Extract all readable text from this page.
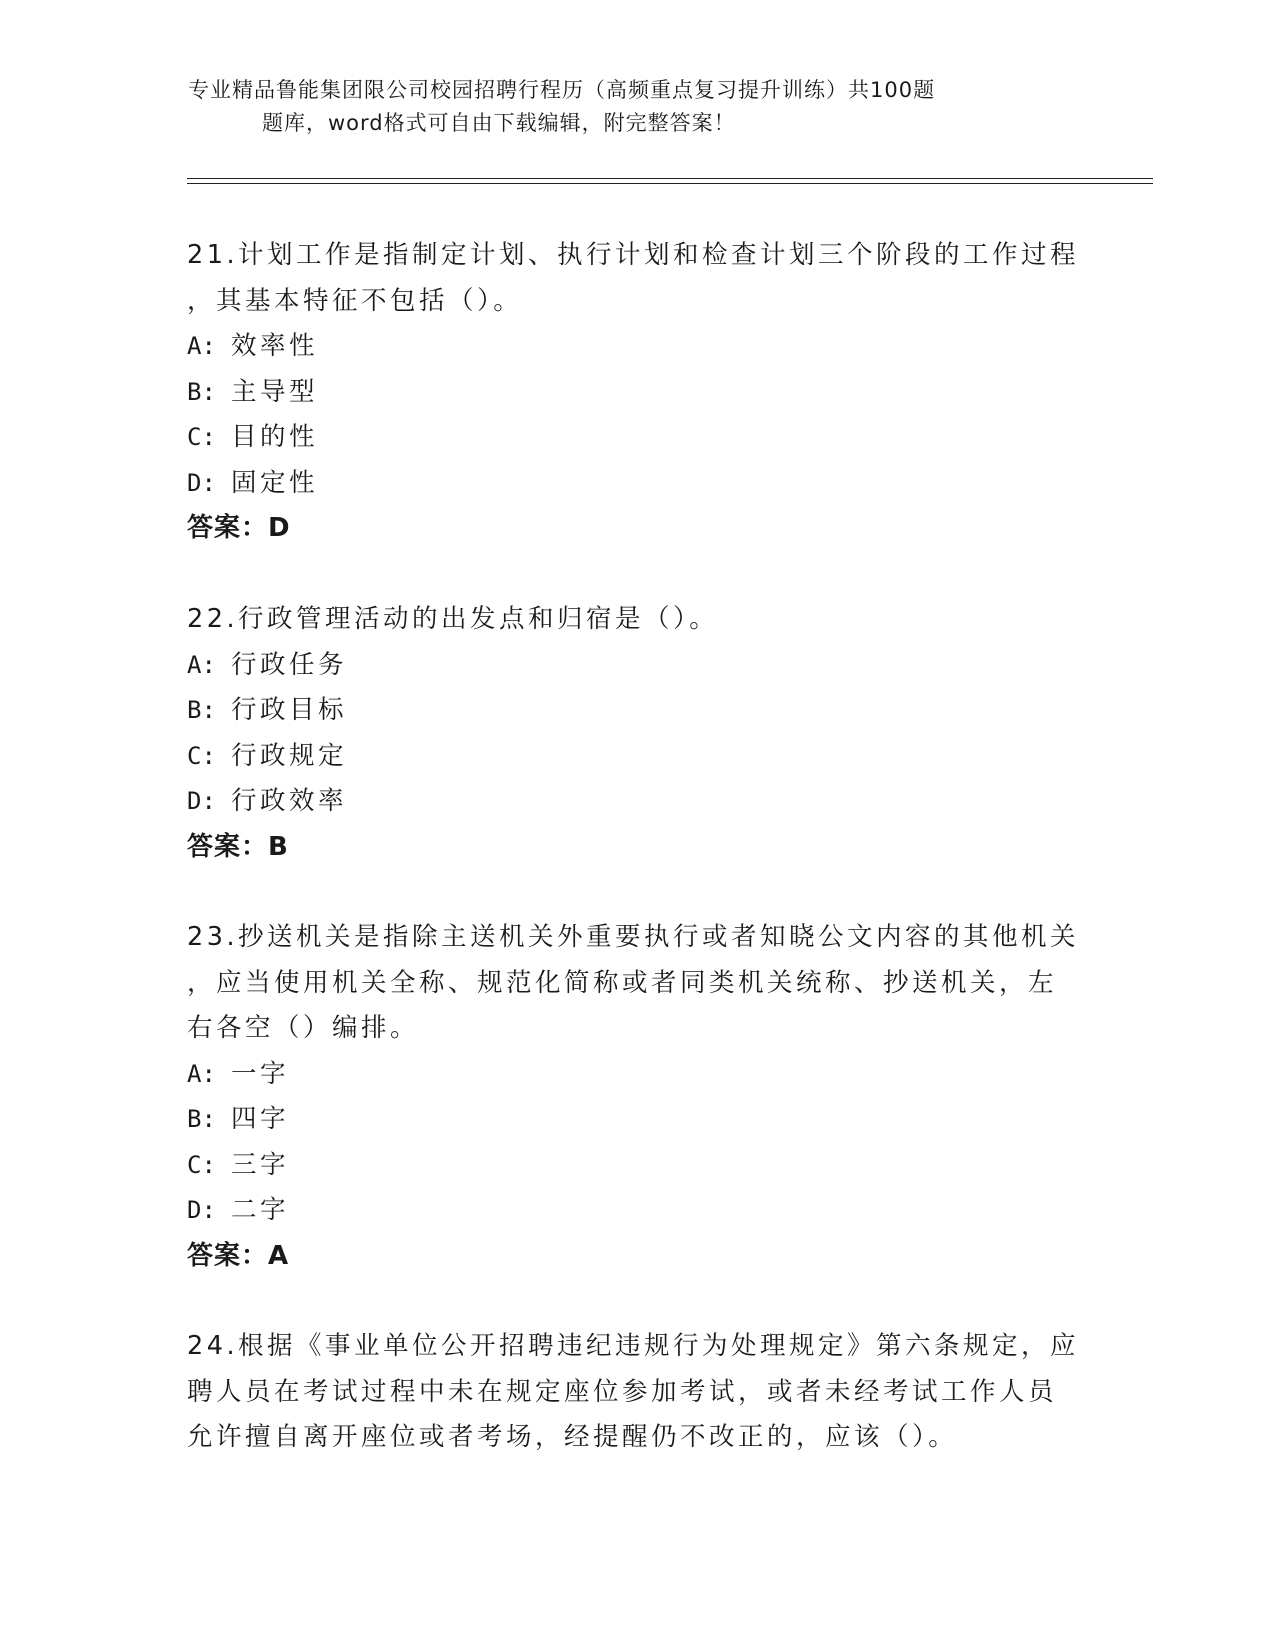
专业精品鲁能集团限公司校园招聘行程历（高频重点复习提升训练）共100题
题库，word格式可自由下载编辑，附完整答案！

21.计划工作是指制定计划、执行计划和检查计划三个阶段的工作过程

，其基本特征不包括（）。

A: 效率性

B: 主导型

C: 目的性

D: 固定性

答案：D

22.行政管理活动的出发点和归宿是（）。

A: 行政任务

B: 行政目标

C: 行政规定

D: 行政效率

答案：B

23.抄送机关是指除主送机关外重要执行或者知晓公文内容的其他机关

，应当使用机关全称、规范化简称或者同类机关统称、抄送机关，左

右各空（）编排。

A: 一字

B: 四字

C: 三字

D: 二字

答案：A

24.根据《事业单位公开招聘违纪违规行为处理规定》第六条规定，应

聘人员在考试过程中未在规定座位参加考试，或者未经考试工作人员

允许擅自离开座位或者考场，经提醒仍不改正的，应该（）。
